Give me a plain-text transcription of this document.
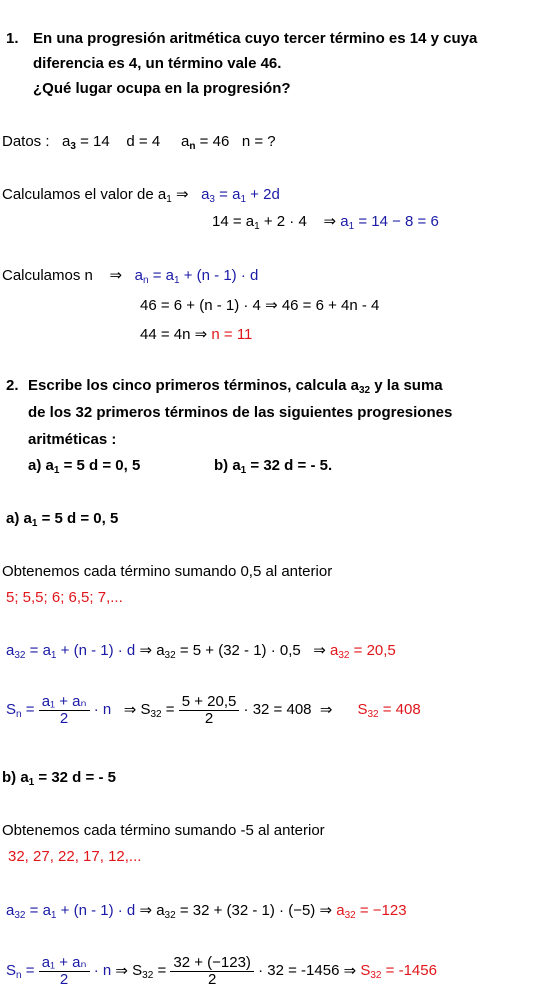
1. En una progresión aritmética cuyo tercer término es 14 y cuya
diferencia es 4, un término vale 46.
¿Qué lugar ocupa en la progresión?
Datos : $a_3 = 14$ d = 4 $a_n = 46$ n = ?
Calculamos el valor de $a_1$ ⇒ $a_3 = a_1 + 2d$
$14 = a_1 + 2 \cdot 4$ ⇒ $a_1 = 14 - 8 = 6$
Calculamos n ⇒ $a_n = a_1 + (n - 1) \cdot d$
46 = 6 + (n - 1) · 4 ⇒ 46 = 6 + 4n - 4
44 = 4n ⇒ n = 11
2. Escribe los cinco primeros términos, calcula $a_{32}$ y la suma
de los 32 primeros términos de las siguientes progresiones
aritméticas :
a) $a_1 = 5$ d = 0, 5	b) $a_1 = 32$ d = - 5.
a) $a_1 = 5$ d = 0, 5
Obtenemos cada término sumando 0,5 al anterior
5; 5,5; 6; 6,5; 7,...
$a_{32} = a_1 + (n - 1) \cdot d$ ⇒ $a_{32} = 5 + (32 - 1) \cdot 0,5$ ⇒ $a_{32} = 20,5$
$S_n = \frac{\text{a₁ + aₙ}}{2} \cdot n$ ⇒ $S_{32} = \frac{5 + 20,5}{2} \cdot 32 = 408$ ⇒ $S_{32} = 408$
b) $a_1 = 32$ d = - 5
Obtenemos cada término sumando -5 al anterior
32, 27, 22, 17, 12,...
$a_{32} = a_1 + (n - 1) \cdot d$ ⇒ $a_{32} = 32 + (32 - 1) \cdot (-5)$ ⇒ $a_{32} = -123$
$S_n = \frac{\text{a₁ + aₙ}}{2} \cdot n$ ⇒ $S_{32} = \frac{32 + (-123)}{2} \cdot 32 = -1456$ ⇒ $S_{32} = -1456$
